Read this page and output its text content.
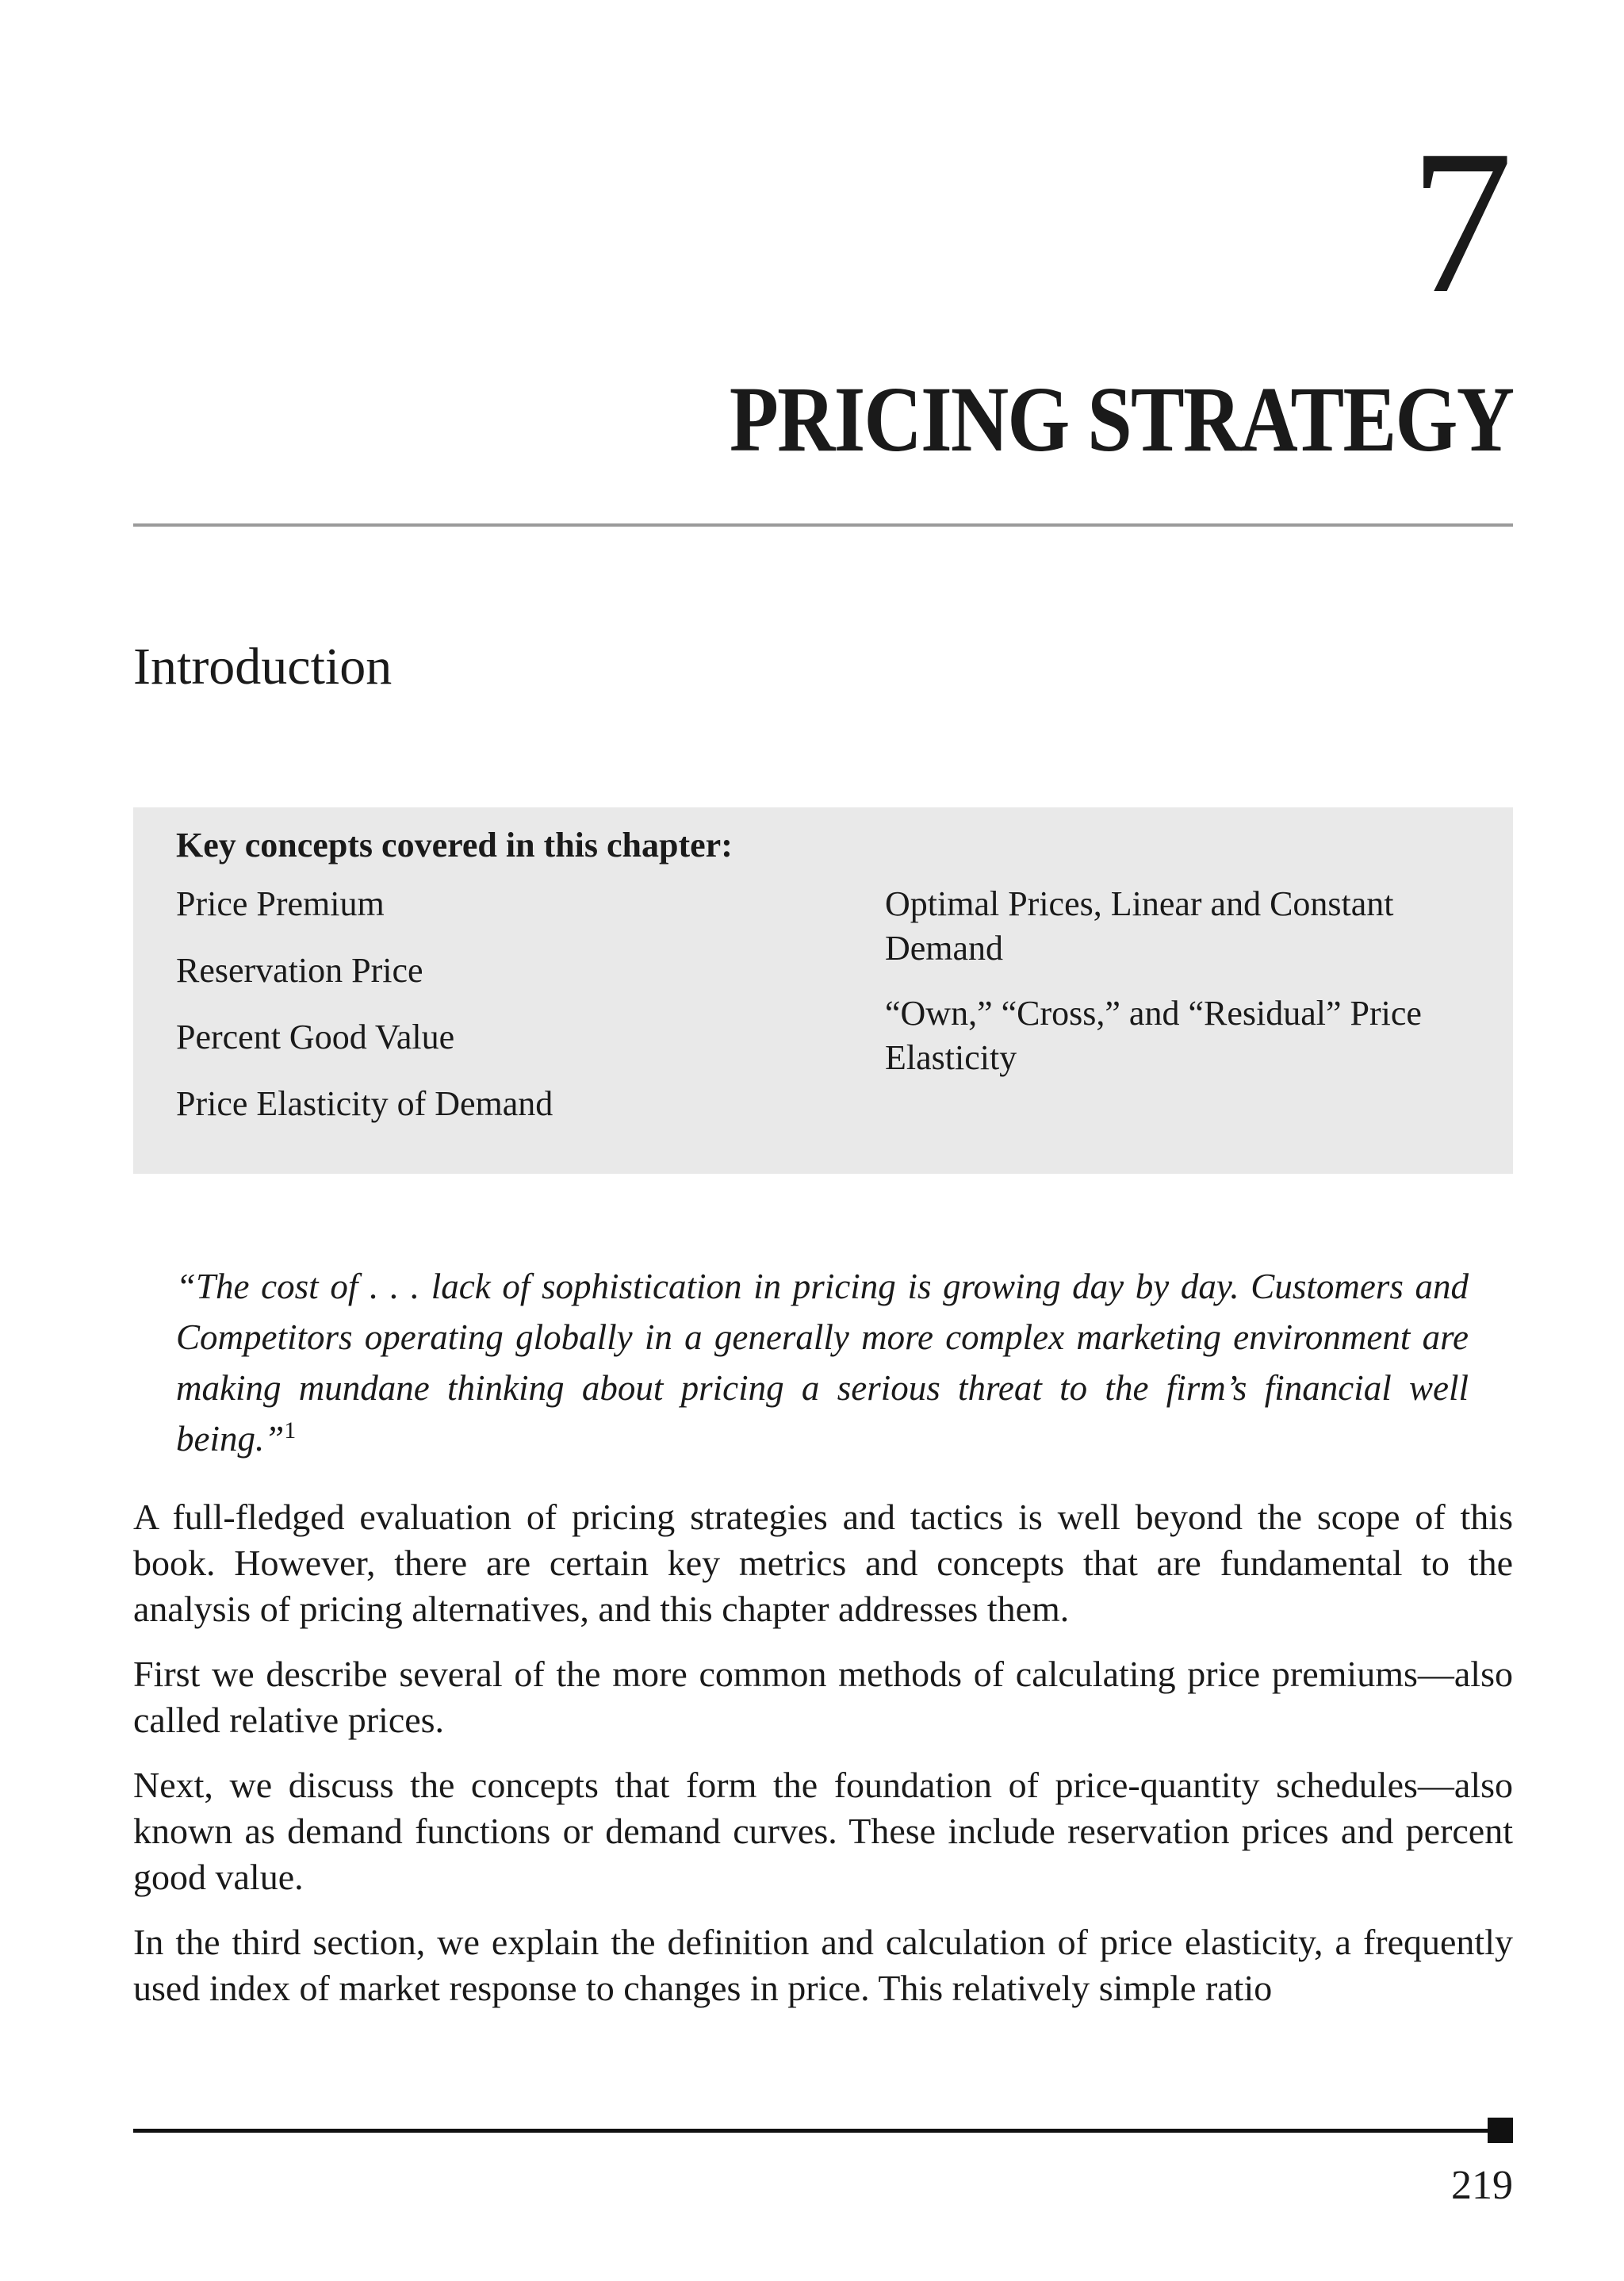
7
PRICING STRATEGY
Introduction

Key concepts covered in this chapter:

Price Premium
Reservation Price
Percent Good Value
Price Elasticity of Demand
Optimal Prices, Linear and Constant Demand
“Own,” “Cross,” and “Residual” Price Elasticity

“The cost of . . . lack of sophistication in pricing is growing day by day. Customers and Competitors operating globally in a generally more complex marketing environment are making mundane thinking about pricing a serious threat to the firm’s financial well being.”$^1$

A full-fledged evaluation of pricing strategies and tactics is well beyond the scope of this book. However, there are certain key metrics and concepts that are fundamental to the analysis of pricing alternatives, and this chapter addresses them.

First we describe several of the more common methods of calculating price premiums—also called relative prices.

Next, we discuss the concepts that form the foundation of price-quantity schedules—also known as demand functions or demand curves. These include reservation prices and percent good value.

In the third section, we explain the definition and calculation of price elasticity, a frequently used index of market response to changes in price. This relatively simple ratio

219
